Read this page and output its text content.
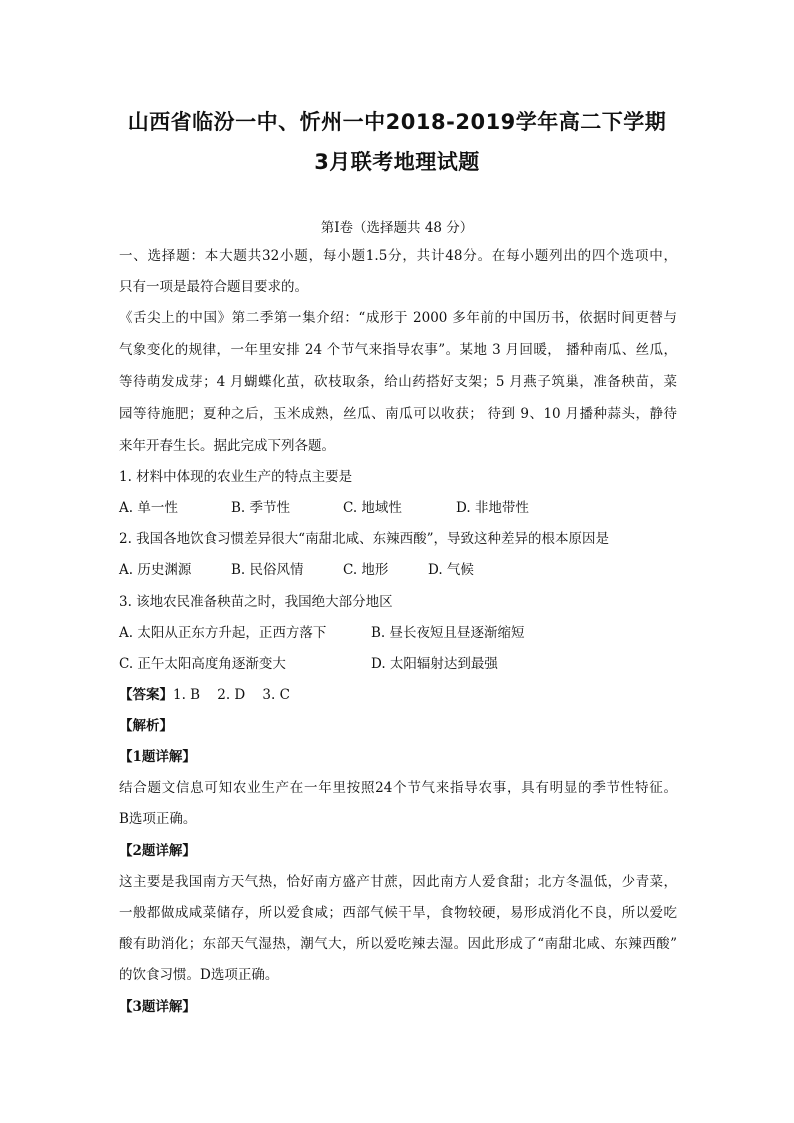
山西省临汾一中、忻州一中2018-2019学年高二下学期
3月联考地理试题
第Ⅰ卷（选择题共 48 分）
一、选择题：本大题共32小题，每小题1.5分，共计48分。在每小题列出的四个选项中，
只有一项是最符合题目要求的。
《舌尖上的中国》第二季第一集介绍：“成形于 2000 多年前的中国历书，依据时间更替与
气象变化的规律，一年里安排 24 个节气来指导农事”。某地 3 月回暖， 播种南瓜、丝瓜，
等待萌发成芽；4 月蝴蝶化茧，砍枝取条，给山药搭好支架；5 月燕子筑巢，准备秧苗，菜
园等待施肥；夏种之后，玉米成熟，丝瓜、南瓜可以收获； 待到 9、10 月播种蒜头，静待
来年开春生长。据此完成下列各题。
1. 材料中体现的农业生产的特点主要是
A. 单一性	B. 季节性	C. 地域性	D. 非地带性
2. 我国各地饮食习惯差异很大“南甜北咸、东辣西酸”，导致这种差异的根本原因是
A. 历史渊源	B. 民俗风情	C. 地形	D. 气候
3. 该地农民准备秧苗之时，我国绝大部分地区
A. 太阳从正东方升起，正西方落下	B. 昼长夜短且昼逐渐缩短
C. 正午太阳高度角逐渐变大	D. 太阳辐射达到最强
【答案】1. B    2. D    3. C
【解析】
【1题详解】
结合题文信息可知农业生产在一年里按照24个节气来指导农事，具有明显的季节性特征。
B选项正确。
【2题详解】
这主要是我国南方天气热，恰好南方盛产甘蔗，因此南方人爱食甜；北方冬温低，少青菜，
一般都做成咸菜储存，所以爱食咸；西部气候干旱，食物较硬，易形成消化不良，所以爱吃
酸有助消化；东部天气湿热，潮气大，所以爱吃辣去湿。因此形成了“南甜北咸、东辣西酸”
的饮食习惯。D选项正确。
【3题详解】
